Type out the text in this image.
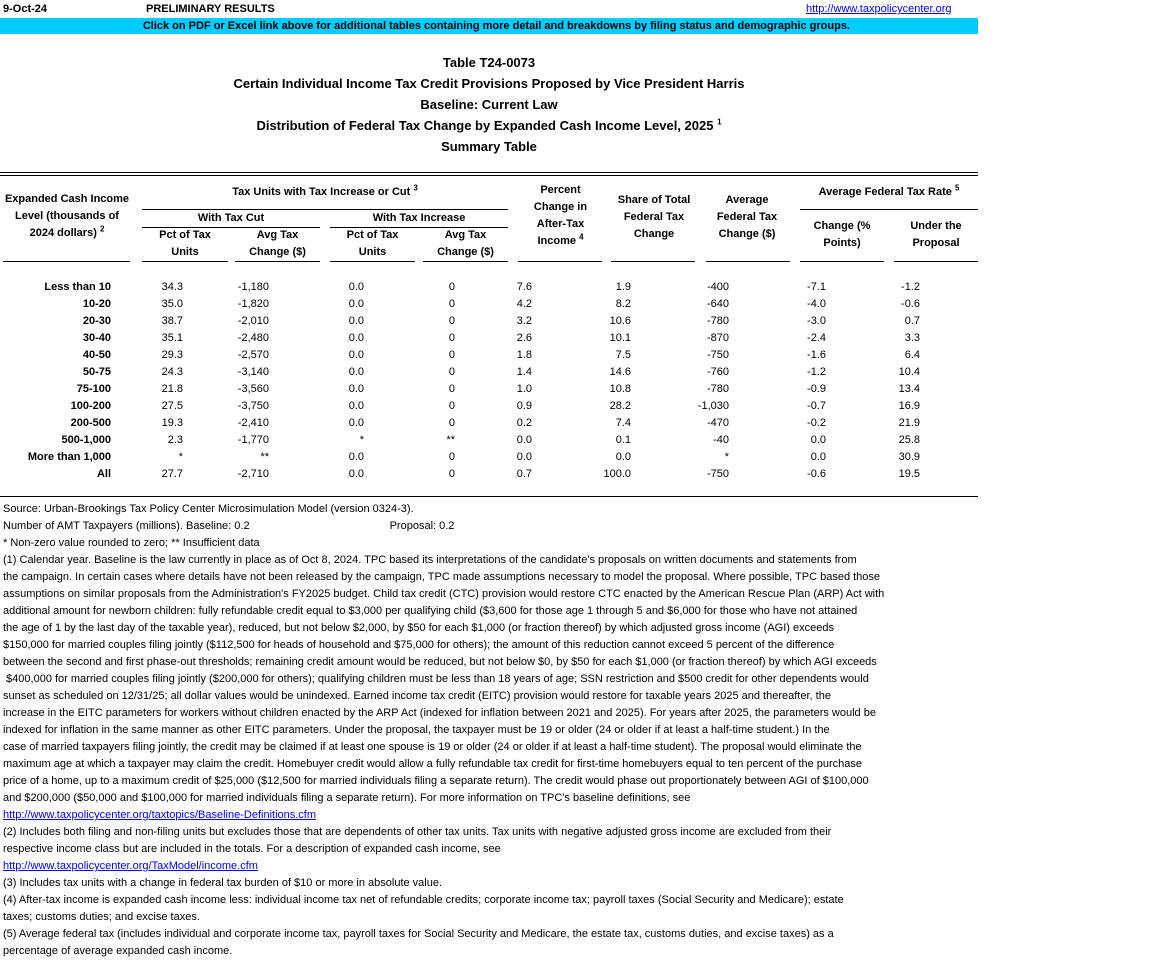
9-Oct-24	PRELIMINARY RESULTS	http://www.taxpolicycenter.org
Click on PDF or Excel link above for additional tables containing more detail and breakdowns by filing status and demographic groups.
Table T24-0073
Certain Individual Income Tax Credit Provisions Proposed by Vice President Harris
Baseline: Current Law
Distribution of Federal Tax Change by Expanded Cash Income Level, 2025 $^1$
Summary Table
Expanded Cash Income
Level (thousands of
2024 dollars) $^2$
Tax Units with Tax Increase or Cut $^3$
With Tax Cut	With Tax Increase
Pct of Tax
Units
Avg Tax
Change ($)
Pct of Tax
Units
Avg Tax
Change ($)
Percent
Change in
After-Tax
Income $^4$
Share of Total
Federal Tax
Change
Average
Federal Tax
Change ($)
Average Federal Tax Rate $^5$
Change (%
Points)
Under the
Proposal
Less than 10	34.3	-1,180	0.0	0	7.6	1.9	-400	-7.1	-1.2
10-20	35.0	-1,820	0.0	0	4.2	8.2	-640	-4.0	-0.6
20-30	38.7	-2,010	0.0	0	3.2	10.6	-780	-3.0	0.7
30-40	35.1	-2,480	0.0	0	2.6	10.1	-870	-2.4	3.3
40-50	29.3	-2,570	0.0	0	1.8	7.5	-750	-1.6	6.4
50-75	24.3	-3,140	0.0	0	1.4	14.6	-760	-1.2	10.4
75-100	21.8	-3,560	0.0	0	1.0	10.8	-780	-0.9	13.4
100-200	27.5	-3,750	0.0	0	0.9	28.2	-1,030	-0.7	16.9
200-500	19.3	-2,410	0.0	0	0.2	7.4	-470	-0.2	21.9
500-1,000	2.3	-1,770	*	**	0.0	0.1	-40	0.0	25.8
More than 1,000	*	**	0.0	0	0.0	0.0	*	0.0	30.9
All	27.7	-2,710	0.0	0	0.7	100.0	-750	-0.6	19.5
Source: Urban-Brookings Tax Policy Center Microsimulation Model (version 0324-3).
Number of AMT Taxpayers (millions). Baseline: 0.2	Proposal: 0.2
* Non-zero value rounded to zero; ** Insufficient data
(1) Calendar year. Baseline is the law currently in place as of Oct 8, 2024. TPC based its interpretations of the candidate's proposals on written documents and statements from
the campaign. In certain cases where details have not been released by the campaign, TPC made assumptions necessary to model the proposal. Where possible, TPC based those
assumptions on similar proposals from the Administration's FY2025 budget. Child tax credit (CTC) provision would restore CTC enacted by the American Rescue Plan (ARP) Act with
additional amount for newborn children: fully refundable credit equal to $3,000 per qualifying child ($3,600 for those age 1 through 5 and $6,000 for those who have not attained
the age of 1 by the last day of the taxable year), reduced, but not below $2,000, by $50 for each $1,000 (or fraction thereof) by which adjusted gross income (AGI) exceeds
$150,000 for married couples filing jointly ($112,500 for heads of household and $75,000 for others); the amount of this reduction cannot exceed 5 percent of the difference
between the second and first phase-out thresholds; remaining credit amount would be reduced, but not below $0, by $50 for each $1,000 (or fraction thereof) by which AGI exceeds
$400,000 for married couples filing jointly ($200,000 for others); qualifying children must be less than 18 years of age; SSN restriction and $500 credit for other dependents would
sunset as scheduled on 12/31/25; all dollar values would be unindexed. Earned income tax credit (EITC) provision would restore for taxable years 2025 and thereafter, the
increase in the EITC parameters for workers without children enacted by the ARP Act (indexed for inflation between 2021 and 2025). For years after 2025, the parameters would be
indexed for inflation in the same manner as other EITC parameters. Under the proposal, the taxpayer must be 19 or older (24 or older if at least a half-time student.) In the
case of married taxpayers filing jointly, the credit may be claimed if at least one spouse is 19 or older (24 or older if at least a half-time student). The proposal would eliminate the
maximum age at which a taxpayer may claim the credit. Homebuyer credit would allow a fully refundable tax credit for first-time homebuyers equal to ten percent of the purchase
price of a home, up to a maximum credit of $25,000 ($12,500 for married individuals filing a separate return). The credit would phase out proportionately between AGI of $100,000
and $200,000 ($50,000 and $100,000 for married individuals filing a separate return). For more information on TPC's baseline definitions, see
http://www.taxpolicycenter.org/taxtopics/Baseline-Definitions.cfm
(2) Includes both filing and non-filing units but excludes those that are dependents of other tax units. Tax units with negative adjusted gross income are excluded from their
respective income class but are included in the totals. For a description of expanded cash income, see
http://www.taxpolicycenter.org/TaxModel/income.cfm
(3) Includes tax units with a change in federal tax burden of $10 or more in absolute value.
(4) After-tax income is expanded cash income less: individual income tax net of refundable credits; corporate income tax; payroll taxes (Social Security and Medicare); estate
taxes; customs duties; and excise taxes.
(5) Average federal tax (includes individual and corporate income tax, payroll taxes for Social Security and Medicare, the estate tax, customs duties, and excise taxes) as a
percentage of average expanded cash income.
